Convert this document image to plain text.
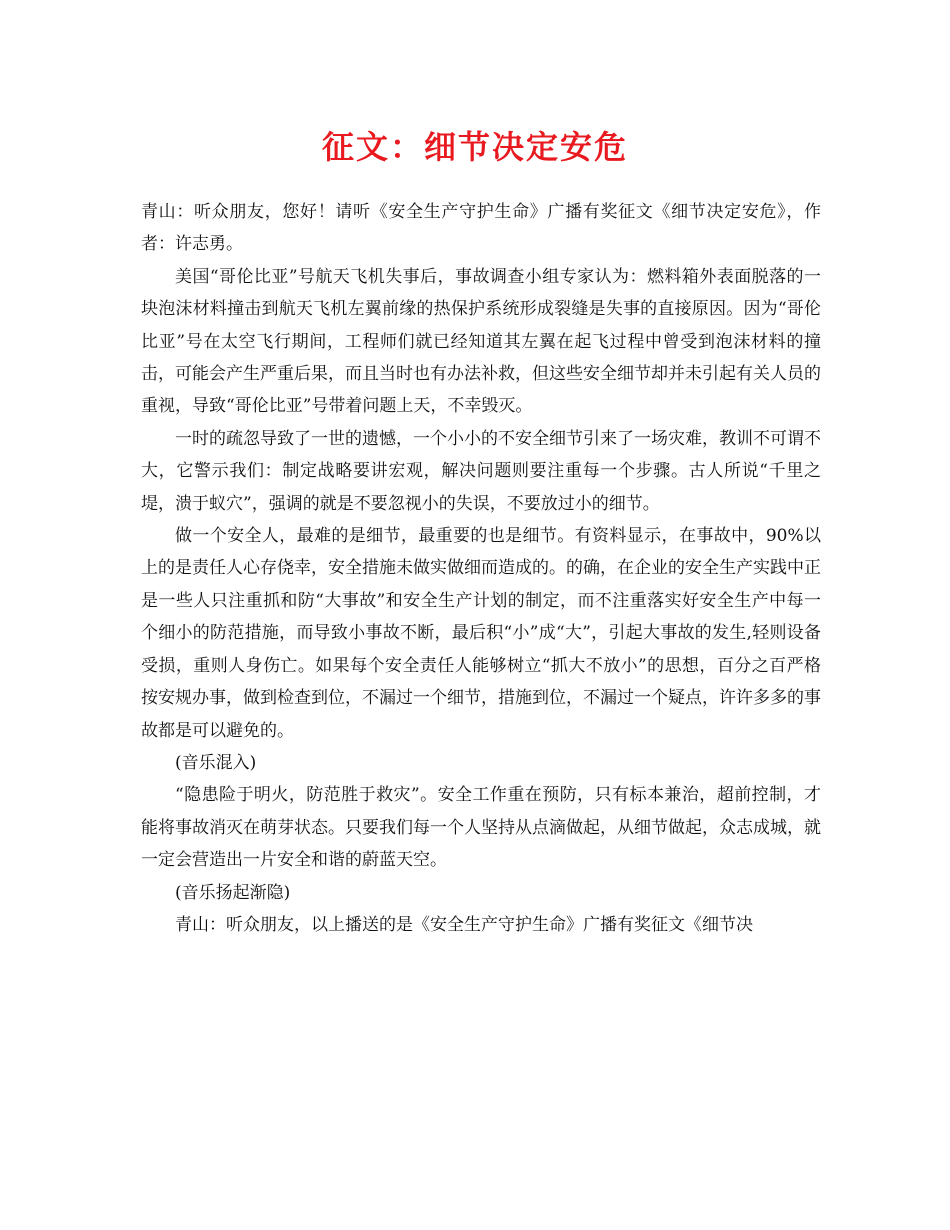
征文：细节决定安危

青山：听众朋友，您好！请听《安全生产守护生命》广播有奖征文《细节决定安危》，作者：许志勇。

美国“哥伦比亚”号航天飞机失事后，事故调查小组专家认为：燃料箱外表面脱落的一块泡沫材料撞击到航天飞机左翼前缘的热保护系统形成裂缝是失事的直接原因。因为“哥伦比亚”号在太空飞行期间，工程师们就已经知道其左翼在起飞过程中曾受到泡沫材料的撞击，可能会产生严重后果，而且当时也有办法补救，但这些安全细节却并未引起有关人员的重视，导致“哥伦比亚”号带着问题上天，不幸毁灭。

一时的疏忽导致了一世的遗憾，一个小小的不安全细节引来了一场灾难，教训不可谓不大，它警示我们：制定战略要讲宏观，解决问题则要注重每一个步骤。古人所说“千里之堤，溃于蚁穴”，强调的就是不要忽视小的失误，不要放过小的细节。

做一个安全人，最难的是细节，最重要的也是细节。有资料显示，在事故中，90%以上的是责任人心存侥幸，安全措施未做实做细而造成的。的确，在企业的安全生产实践中正是一些人只注重抓和防“大事故”和安全生产计划的制定，而不注重落实好安全生产中每一个细小的防范措施，而导致小事故不断，最后积“小”成“大”，引起大事故的发生,轻则设备受损，重则人身伤亡。如果每个安全责任人能够树立“抓大不放小”的思想，百分之百严格按安规办事，做到检查到位，不漏过一个细节，措施到位，不漏过一个疑点，许许多多的事故都是可以避免的。

(音乐混入)

“隐患险于明火，防范胜于救灾”。安全工作重在预防，只有标本兼治，超前控制，才能将事故消灭在萌芽状态。只要我们每一个人坚持从点滴做起，从细节做起，众志成城，就一定会营造出一片安全和谐的蔚蓝天空。

(音乐扬起渐隐)

青山：听众朋友，以上播送的是《安全生产守护生命》广播有奖征文《细节决
